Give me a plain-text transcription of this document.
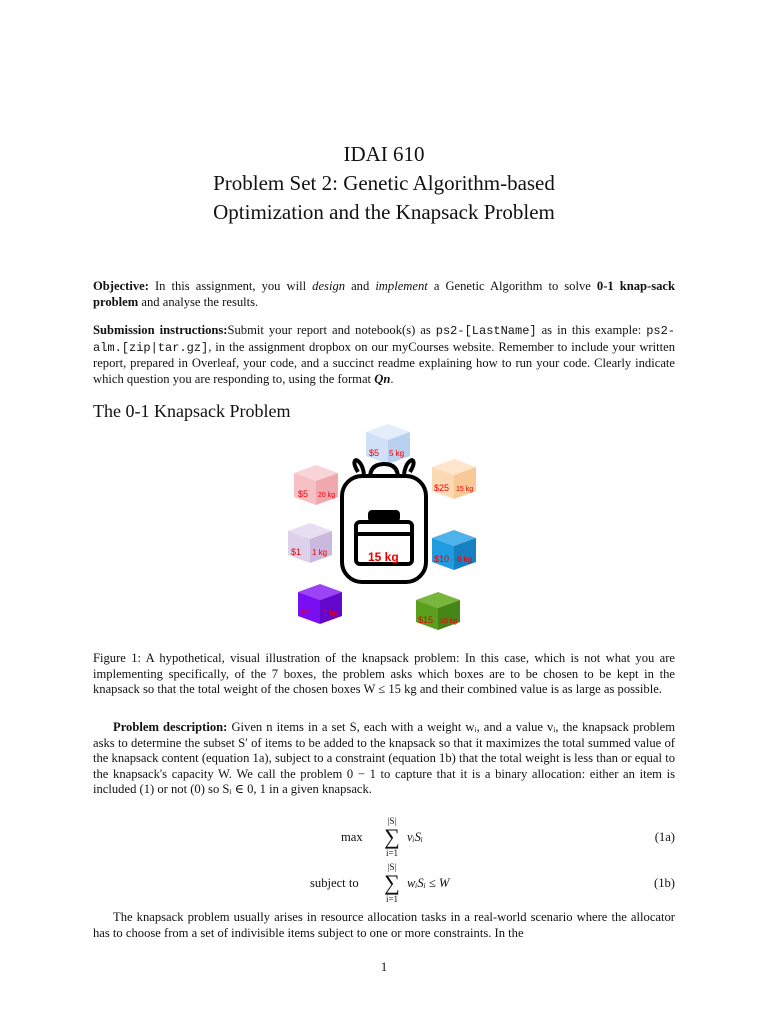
IDAI 610
Problem Set 2: Genetic Algorithm-based
Optimization and the Knapsack Problem
Objective: In this assignment, you will design and implement a Genetic Algorithm to solve 0-1 knap-sack problem and analyse the results.
Submission instructions:Submit your report and notebook(s) as ps2-[LastName] as in this example: ps2-alm.[zip|tar.gz], in the assignment dropbox on our myCourses website. Remember to include your written report, prepared in Overleaf, your code, and a succinct readme explaining how to run your code. Clearly indicate which question you are responding to, using the format Qn.
The 0-1 Knapsack Problem
$5 5 kg
$25 15 kg
$10 6 kg
$15 10 kg
$2 1 kg
$1 1 kg
$5 20 kg
15 kg
Figure 1: A hypothetical, visual illustration of the knapsack problem: In this case, which is not what you are implementing specifically, of the 7 boxes, the problem asks which boxes are to be chosen to be kept in the knapsack so that the total weight of the chosen boxes W ≤ 15 kg and their combined value is as large as possible.
Problem description: Given n items in a set S, each with a weight wᵢ, and a value vᵢ, the knapsack problem asks to determine the subset S′ of items to be added to the knapsack so that it maximizes the total summed value of the knapsack content (equation 1a), subject to a constraint (equation 1b) that the total weight is less than or equal to the knapsack's capacity W. We call the problem 0 − 1 to capture that it is a binary allocation: either an item is included (1) or not (0) so Sᵢ ∈ 0, 1 in a given knapsack.
max
|S|
∑
i=1
vᵢSᵢ	(1a)
subject to
|S|
∑
i=1
wᵢSᵢ ≤ W	(1b)
The knapsack problem usually arises in resource allocation tasks in a real-world scenario where the allocator has to choose from a set of indivisible items subject to one or more constraints. In the
1
